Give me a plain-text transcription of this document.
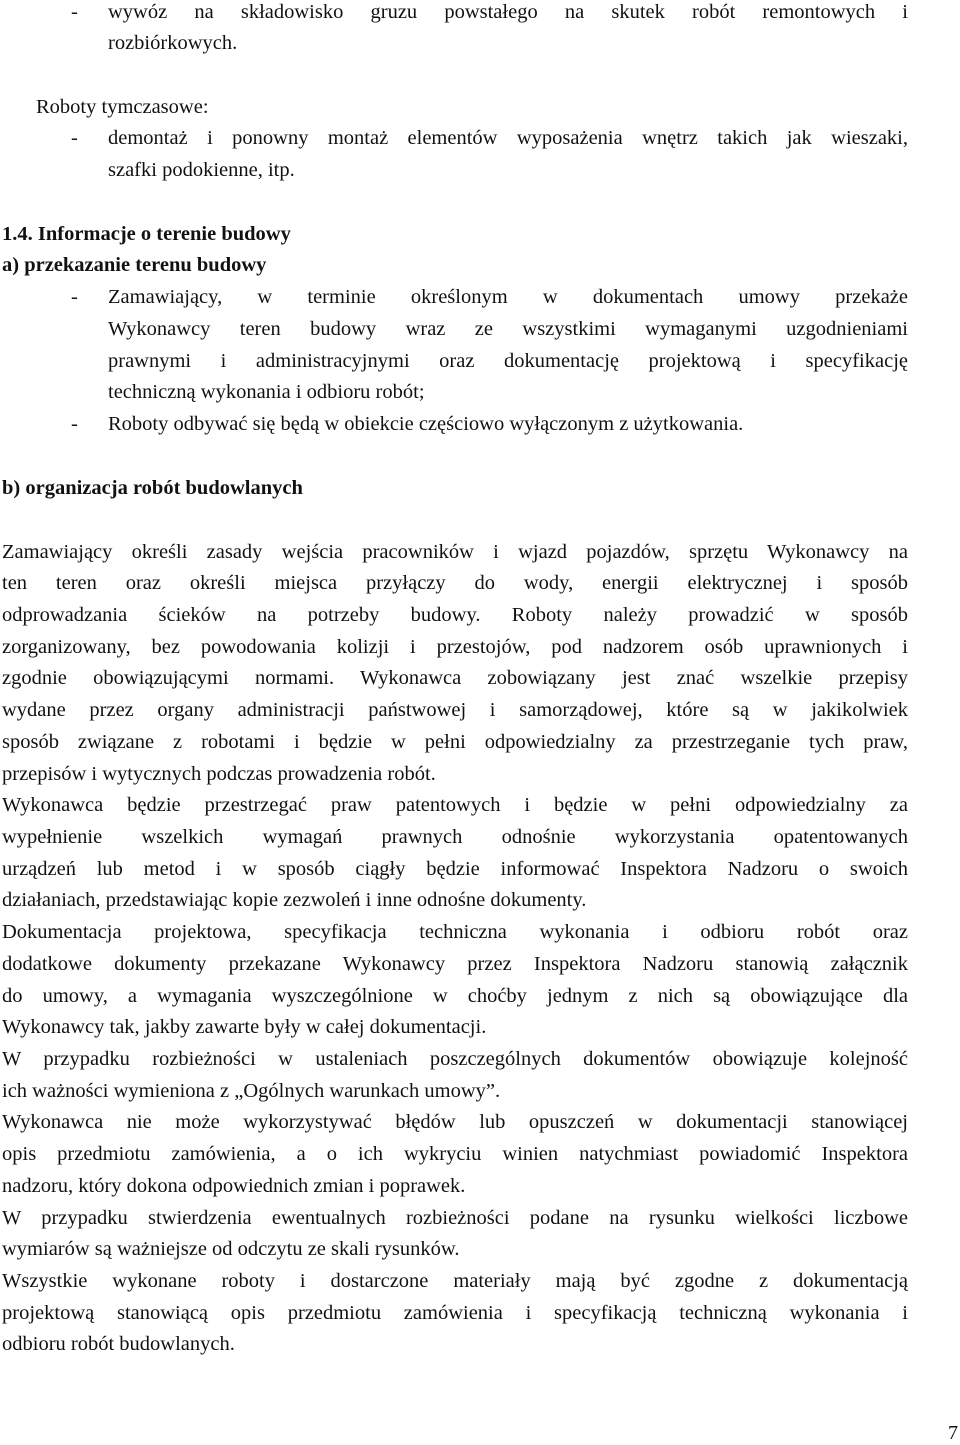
- wywóz na składowisko gruzu powstałego na skutek robót remontowych i
rozbiórkowych.
Roboty tymczasowe:
- demontaż i ponowny montaż elementów wyposażenia wnętrz takich jak wieszaki,
szafki podokienne, itp.
1.4. Informacje o terenie budowy
a) przekazanie terenu budowy
- Zamawiający, w terminie określonym w dokumentach umowy przekaże
Wykonawcy teren budowy wraz ze wszystkimi wymaganymi uzgodnieniami
prawnymi i administracyjnymi oraz dokumentację projektową i specyfikację
techniczną wykonania i odbioru robót;
- Roboty odbywać się będą w obiekcie częściowo wyłączonym z użytkowania.
b) organizacja robót budowlanych
Zamawiający określi zasady wejścia pracowników i wjazd pojazdów, sprzętu Wykonawcy na
ten teren oraz określi miejsca przyłączy do wody, energii elektrycznej i sposób
odprowadzania ścieków na potrzeby budowy. Roboty należy prowadzić w sposób
zorganizowany, bez powodowania kolizji i przestojów, pod nadzorem osób uprawnionych i
zgodnie obowiązującymi normami. Wykonawca zobowiązany jest znać wszelkie przepisy
wydane przez organy administracji państwowej i samorządowej, które są w jakikolwiek
sposób związane z robotami i będzie w pełni odpowiedzialny za przestrzeganie tych praw,
przepisów i wytycznych podczas prowadzenia robót.
Wykonawca będzie przestrzegać praw patentowych i będzie w pełni odpowiedzialny za
wypełnienie wszelkich wymagań prawnych odnośnie wykorzystania opatentowanych
urządzeń lub metod i w sposób ciągły będzie informować Inspektora Nadzoru o swoich
działaniach, przedstawiając kopie zezwoleń i inne odnośne dokumenty.
Dokumentacja projektowa, specyfikacja techniczna wykonania i odbioru robót oraz
dodatkowe dokumenty przekazane Wykonawcy przez Inspektora Nadzoru stanowią załącznik
do umowy, a wymagania wyszczególnione w choćby jednym z nich są obowiązujące dla
Wykonawcy tak, jakby zawarte były w całej dokumentacji.
W przypadku rozbieżności w ustaleniach poszczególnych dokumentów obowiązuje kolejność
ich ważności wymieniona z „Ogólnych warunkach umowy”.
Wykonawca nie może wykorzystywać błędów lub opuszczeń w dokumentacji stanowiącej
opis przedmiotu zamówienia, a o ich wykryciu winien natychmiast powiadomić Inspektora
nadzoru, który dokona odpowiednich zmian i poprawek.
W przypadku stwierdzenia ewentualnych rozbieżności podane na rysunku wielkości liczbowe
wymiarów są ważniejsze od odczytu ze skali rysunków.
Wszystkie wykonane roboty i dostarczone materiały mają być zgodne z dokumentacją
projektową stanowiącą opis przedmiotu zamówienia i specyfikacją techniczną wykonania i
odbioru robót budowlanych.
7
